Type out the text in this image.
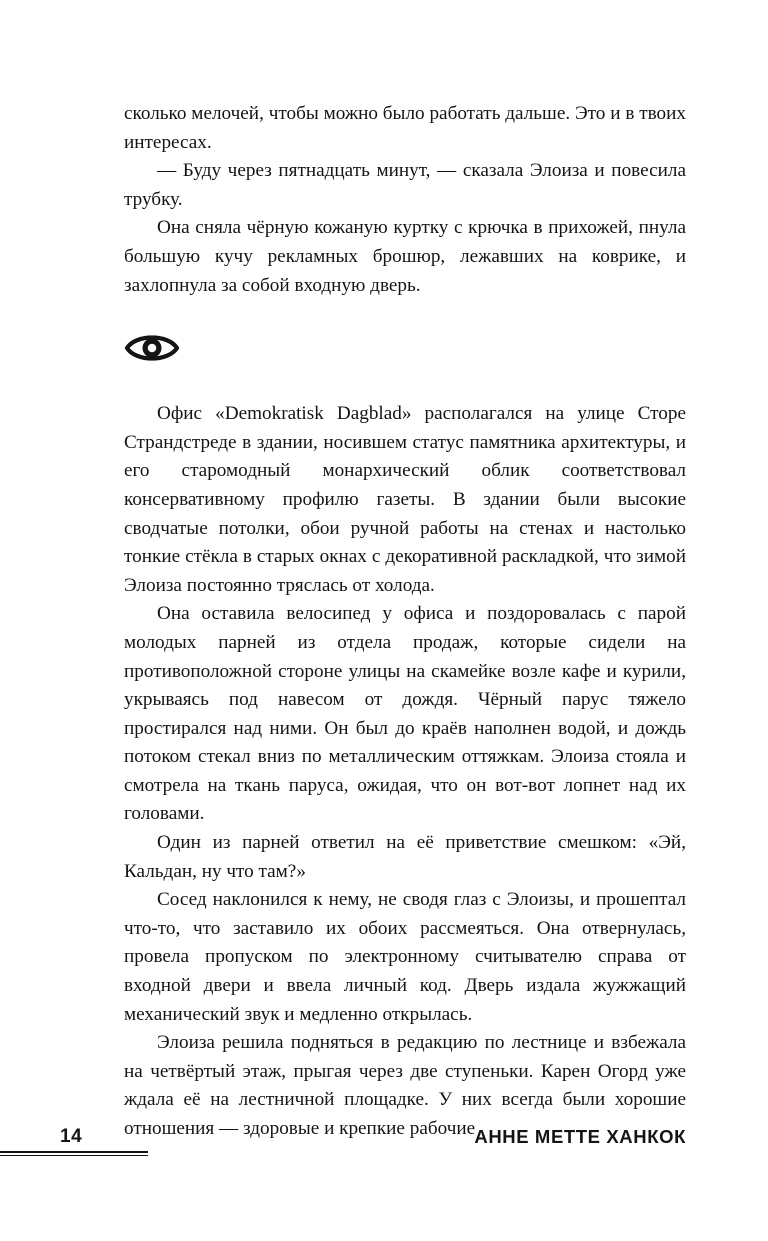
сколько мелочей, чтобы можно было работать дальше. Это и в твоих интересах.

— Буду через пятнадцать минут, — сказала Элоиза и повесила трубку.

Она сняла чёрную кожаную куртку с крючка в прихожей, пнула большую кучу рекламных брошюр, лежавших на коврике, и захлопнула за собой входную дверь.

Офис «Demokratisk Dagblad» располагался на улице Сторе Страндстреде в здании, носившем статус памятника архитектуры, и его старомодный монархический облик соответствовал консервативному профилю газеты. В здании были высокие сводчатые потолки, обои ручной работы на стенах и настолько тонкие стёкла в старых окнах с декоративной раскладкой, что зимой Элоиза постоянно тряслась от холода.

Она оставила велосипед у офиса и поздоровалась с парой молодых парней из отдела продаж, которые сидели на противоположной стороне улицы на скамейке возле кафе и курили, укрываясь под навесом от дождя. Чёрный парус тяжело простирался над ними. Он был до краёв наполнен водой, и дождь потоком стекал вниз по металлическим оттяжкам. Элоиза стояла и смотрела на ткань паруса, ожидая, что он вот-вот лопнет над их головами.

Один из парней ответил на её приветствие смешком: «Эй, Кальдан, ну что там?»

Сосед наклонился к нему, не сводя глаз с Элоизы, и прошептал что-то, что заставило их обоих рассмеяться. Она отвернулась, провела пропуском по электронному считывателю справа от входной двери и ввела личный код. Дверь издала жужжащий механический звук и медленно открылась.

Элоиза решила подняться в редакцию по лестнице и взбежала на четвёртый этаж, прыгая через две ступеньки. Карен Огорд уже ждала её на лестничной площадке. У них всегда были хорошие отношения — здоровые и крепкие рабочие

14	АННЕ МЕТТЕ ХАНКОК
